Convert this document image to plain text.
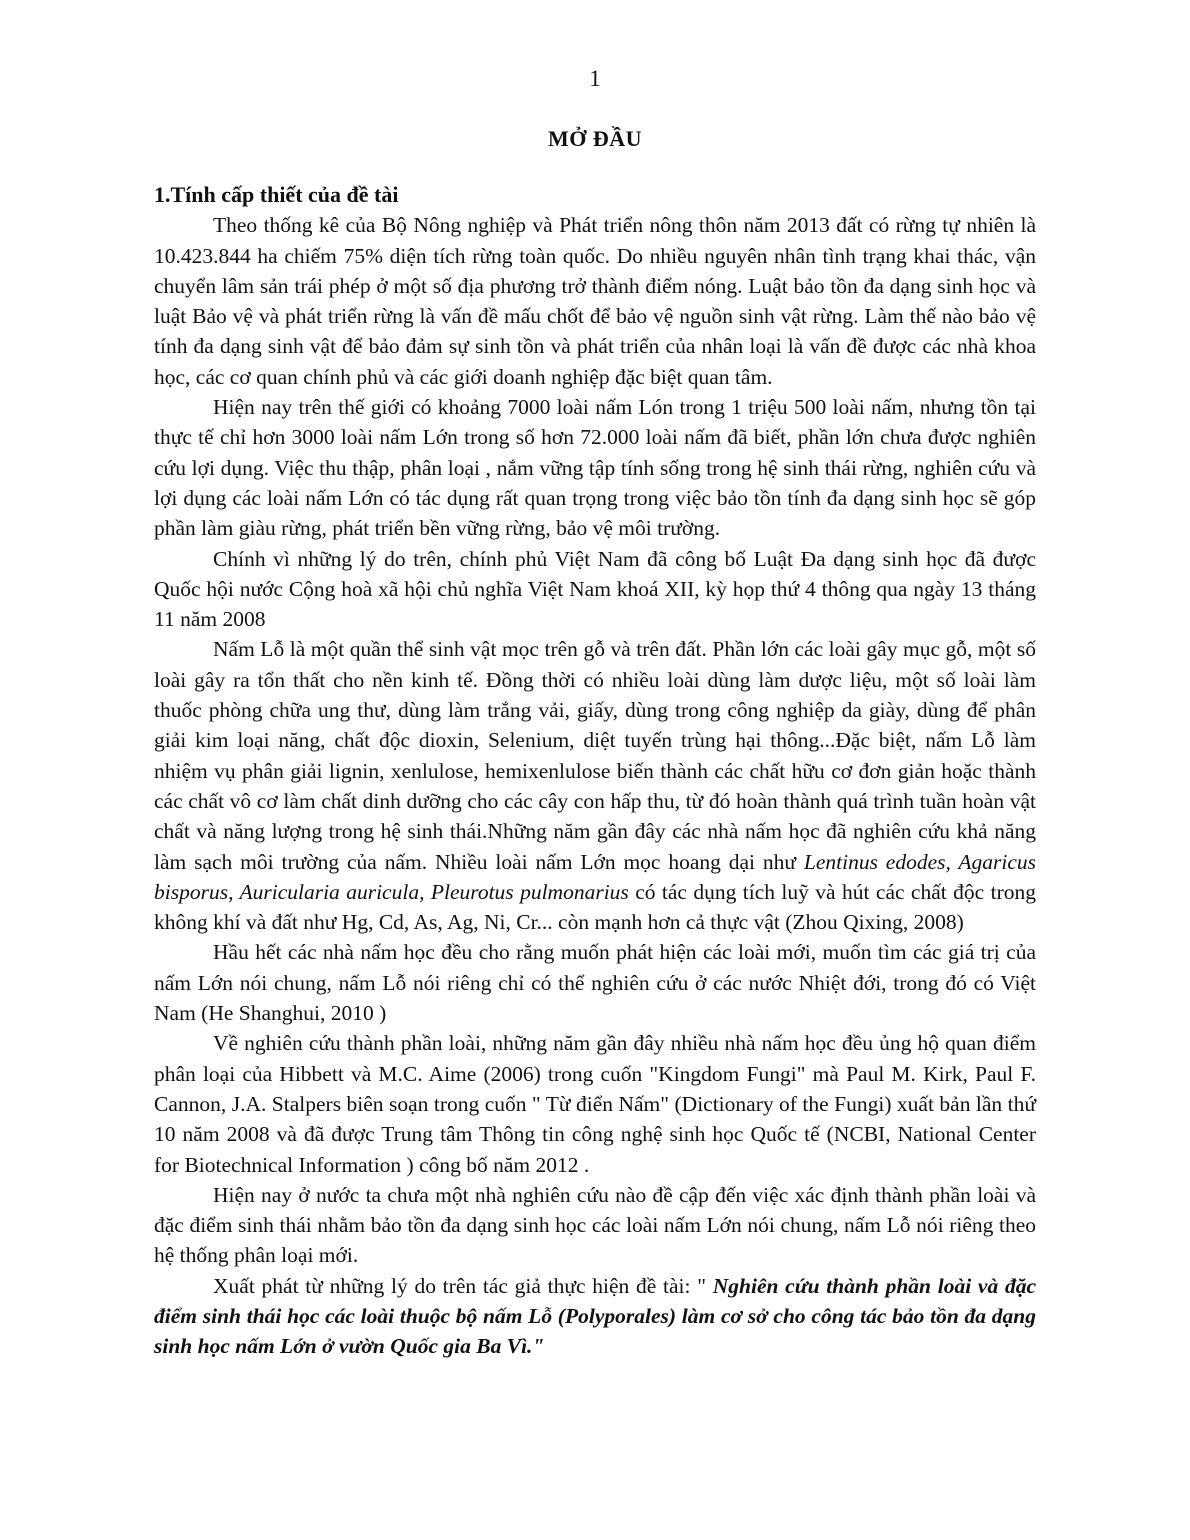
1
MỞ ĐẦU

1.Tính cấp thiết của đề tài

Theo thống kê của Bộ Nông nghiệp và Phát triển nông thôn năm 2013 đất có rừng tự nhiên là 10.423.844 ha chiếm 75% diện tích rừng toàn quốc. Do nhiều nguyên nhân tình trạng khai thác, vận chuyển lâm sản trái phép ở một số địa phương trở thành điểm nóng. Luật bảo tồn đa dạng sinh học và luật Bảo vệ và phát triển rừng là vấn đề mấu chốt để bảo vệ nguồn sinh vật rừng. Làm thế nào bảo vệ tính đa dạng sinh vật để bảo đảm sự sinh tồn và phát triển của nhân loại là vấn đề được các nhà khoa học, các cơ quan chính phủ và các giới doanh nghiệp đặc biệt quan tâm.

Hiện nay trên thế giới có khoảng 7000 loài nấm Lón trong 1 triệu 500 loài nấm, nhưng tồn tại thực tế chỉ hơn 3000 loài nấm Lớn trong số hơn 72.000 loài nấm đã biết, phần lớn chưa được nghiên cứu lợi dụng. Việc thu thập, phân loại , nắm vững tập tính sống trong hệ sinh thái rừng, nghiên cứu và lợi dụng các loài nấm Lớn có tác dụng rất quan trọng trong việc bảo tồn tính đa dạng sinh học sẽ góp phần làm giàu rừng, phát triển bền vững rừng, bảo vệ môi trường.

Chính vì những lý do trên, chính phủ Việt Nam đã công bố Luật Đa dạng sinh học đã được Quốc hội nước Cộng hoà xã hội chủ nghĩa Việt Nam khoá XII, kỳ họp thứ 4 thông qua ngày 13 tháng 11 năm 2008

Nấm Lỗ là một quần thể sinh vật mọc trên gỗ và trên đất. Phần lớn các loài gây mục gỗ, một số loài gây ra tổn thất cho nền kinh tế. Đồng thời có nhiều loài dùng làm dược liệu, một số loài làm thuốc phòng chữa ung thư, dùng làm trắng vải, giấy, dùng trong công nghiệp da giày, dùng để phân giải kim loại năng, chất độc dioxin, Selenium, diệt tuyến trùng hại thông...Đặc biệt, nấm Lỗ làm nhiệm vụ phân giải lignin, xenlulose, hemixenlulose biến thành các chất hữu cơ đơn giản hoặc thành các chất vô cơ làm chất dinh dưỡng cho các cây con hấp thu, từ đó hoàn thành quá trình tuần hoàn vật chất và năng lượng trong hệ sinh thái.Những năm gần đây các nhà nấm học đã nghiên cứu khả năng làm sạch môi trường của nấm. Nhiều loài nấm Lớn mọc hoang dại như Lentinus edodes, Agaricus bisporus, Auricularia auricula, Pleurotus pulmonarius có tác dụng tích luỹ và hút các chất độc trong không khí và đất như Hg, Cd, As, Ag, Ni, Cr... còn mạnh hơn cả thực vật (Zhou Qixing, 2008)

Hầu hết các nhà nấm học đều cho rằng muốn phát hiện các loài mới, muốn tìm các giá trị của nấm Lớn nói chung, nấm Lỗ nói riêng chỉ có thể nghiên cứu ở các nước Nhiệt đới, trong đó có Việt Nam (He Shanghui, 2010 )

Về nghiên cứu thành phần loài, những năm gần đây nhiều nhà nấm học đều ủng hộ quan điểm phân loại của Hibbett và M.C. Aime (2006) trong cuốn "Kingdom Fungi" mà Paul M. Kirk, Paul F. Cannon, J.A. Stalpers biên soạn trong cuốn " Từ điển Nấm" (Dictionary of the Fungi) xuất bản lần thứ 10 năm 2008 và đã được Trung tâm Thông tin công nghệ sinh học Quốc tế (NCBI, National Center for Biotechnical Information ) công bố năm 2012 .

Hiện nay ở nước ta chưa một nhà nghiên cứu nào đề cập đến việc xác định thành phần loài và đặc điểm sinh thái nhằm bảo tồn đa dạng sinh học các loài nấm Lớn nói chung, nấm Lỗ nói riêng theo hệ thống phân loại mới.

Xuất phát từ những lý do trên tác giả thực hiện đề tài: " Nghiên cứu thành phần loài và đặc điểm sinh thái học các loài thuộc bộ nấm Lỗ (Polyporales) làm cơ sở cho công tác bảo tồn đa dạng sinh học nấm Lớn ở vườn Quốc gia Ba Vì."
